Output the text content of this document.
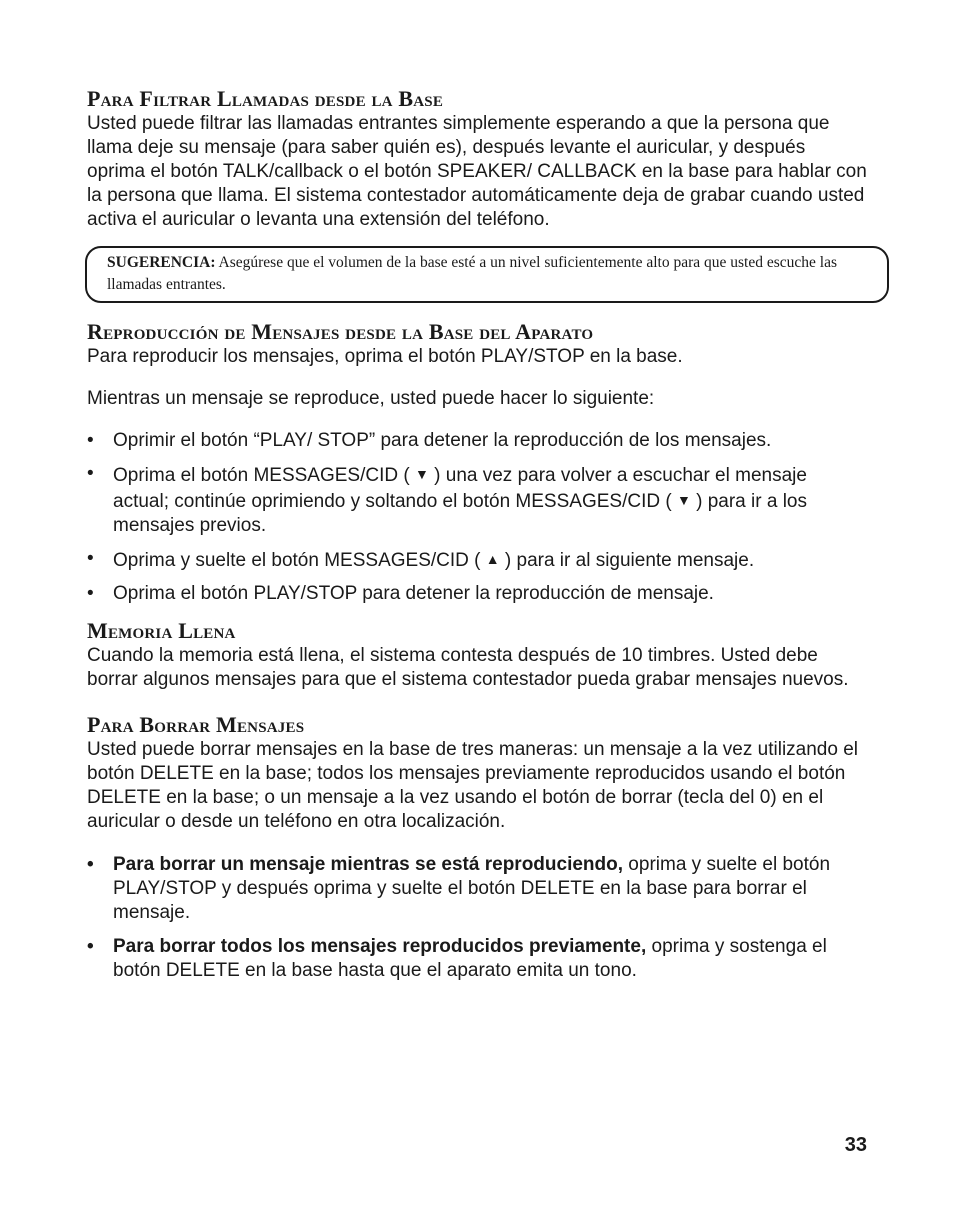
Para Filtrar Llamadas desde la Base

Usted puede filtrar las llamadas entrantes simplemente esperando a que la persona que llama deje su mensaje (para saber quién es), después levante el auricular, y después oprima el botón TALK/callback o el botón SPEAKER/ CALLBACK en la base para hablar con la persona que llama. El sistema contestador automáticamente deja de grabar cuando usted activa el auricular o levanta una extensión del teléfono.

SUGERENCIA: Asegúrese que el volumen de la base esté a un nivel suficientemente alto para que usted escuche las llamadas entrantes.
Reproducción de Mensajes desde la Base del Aparato

Para reproducir los mensajes, oprima el botón PLAY/STOP en la base.

Mientras un mensaje se reproduce, usted puede hacer lo siguiente:

• Oprimir el botón “PLAY/ STOP” para detener la reproducción de los mensajes.
• Oprima el botón MESSAGES/CID ( ▼ ) una vez para volver a escuchar el mensaje actual; continúe oprimiendo y soltando el botón MESSAGES/CID ( ▼ ) para ir a los mensajes previos.
• Oprima y suelte el botón MESSAGES/CID ( ▲ ) para ir al siguiente mensaje.
• Oprima el botón PLAY/STOP para detener la reproducción de mensaje.
Memoria Llena

Cuando la memoria está llena, el sistema contesta después de 10 timbres. Usted debe borrar algunos mensajes para que el sistema contestador pueda grabar mensajes nuevos.

Para Borrar Mensajes

Usted puede borrar mensajes en la base de tres maneras: un mensaje a la vez utilizando el botón DELETE en la base; todos los mensajes previamente reproducidos usando el botón DELETE en la base; o un mensaje a la vez usando el botón de borrar (tecla del 0) en el auricular o desde un teléfono en otra localización.

• Para borrar un mensaje mientras se está reproduciendo, oprima y suelte el botón PLAY/STOP y después oprima y suelte el botón DELETE en la base para borrar el mensaje.
• Para borrar todos los mensajes reproducidos previamente, oprima y sostenga el botón DELETE en la base hasta que el aparato emita un tono.
33
